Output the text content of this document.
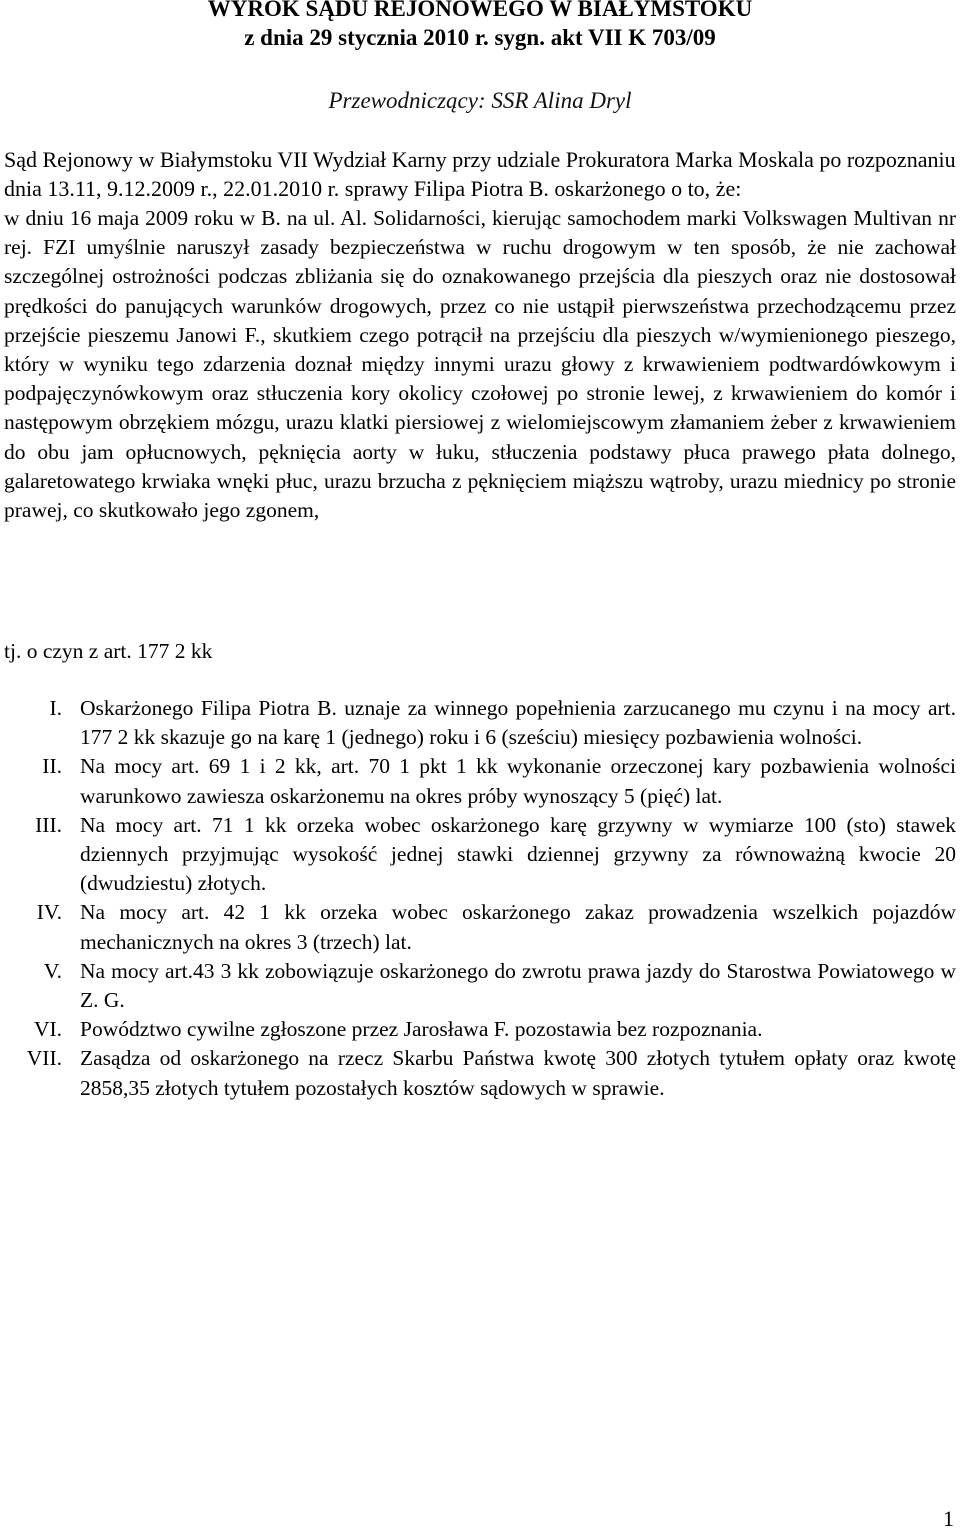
WYROK SĄDU REJONOWEGO W BIAŁYMSTOKU
z dnia 29 stycznia 2010 r. sygn. akt VII K 703/09
Przewodniczący: SSR Alina Dryl
Sąd Rejonowy w Białymstoku VII Wydział Karny przy udziale Prokuratora Marka Moskala po rozpoznaniu dnia 13.11, 9.12.2009 r., 22.01.2010 r. sprawy Filipa Piotra B. oskarżonego o to, że:
w dniu 16 maja 2009 roku w B. na ul. Al. Solidarności, kierując samochodem marki Volkswagen Multivan nr rej. FZI umyślnie naruszył zasady bezpieczeństwa w ruchu drogowym w ten sposób, że nie zachował szczególnej ostrożności podczas zbliżania się do oznakowanego przejścia dla pieszych oraz nie dostosował prędkości do panujących warunków drogowych, przez co nie ustąpił pierwszeństwa przechodzącemu przez przejście pieszemu Janowi F., skutkiem czego potrącił na przejściu dla pieszych w/wymienionego pieszego, który w wyniku tego zdarzenia doznał między innymi urazu głowy z krwawieniem podtwardówkowym i podpajęczynówkowym oraz stłuczenia kory okolicy czołowej po stronie lewej, z krwawieniem do komór i następowym obrzękiem mózgu, urazu klatki piersiowej z wielomiejscowym złamaniem żeber z krwawieniem do obu jam opłucnowych, pęknięcia aorty w łuku, stłuczenia podstawy płuca prawego płata dolnego, galaretowatego krwiaka wnęki płuc, urazu brzucha z pęknięciem miąższu wątroby, urazu miednicy po stronie prawej, co skutkowało jego zgonem,
tj. o czyn z art. 177 2 kk
I. Oskarżonego Filipa Piotra B. uznaje za winnego popełnienia zarzucanego mu czynu i na mocy art. 177 2 kk skazuje go na karę 1 (jednego) roku i 6 (sześciu) miesięcy pozbawienia wolności.
II. Na mocy art. 69 1 i 2 kk, art. 70 1 pkt 1 kk wykonanie orzeczonej kary pozbawienia wolności warunkowo zawiesza oskarżonemu na okres próby wynoszący 5 (pięć) lat.
III. Na mocy art. 71 1 kk orzeka wobec oskarżonego karę grzywny w wymiarze 100 (sto) stawek dziennych przyjmując wysokość jednej stawki dziennej grzywny za równoważną kwocie 20 (dwudziestu) złotych.
IV. Na mocy art. 42 1 kk orzeka wobec oskarżonego zakaz prowadzenia wszelkich pojazdów mechanicznych na okres 3 (trzech) lat.
V. Na mocy art.43 3 kk zobowiązuje oskarżonego do zwrotu prawa jazdy do Starostwa Powiatowego w Z. G.
VI. Powództwo cywilne zgłoszone przez Jarosława F. pozostawia bez rozpoznania.
VII. Zasądza od oskarżonego na rzecz Skarbu Państwa kwotę 300 złotych tytułem opłaty oraz kwotę 2858,35 złotych tytułem pozostałych kosztów sądowych w sprawie.
1
